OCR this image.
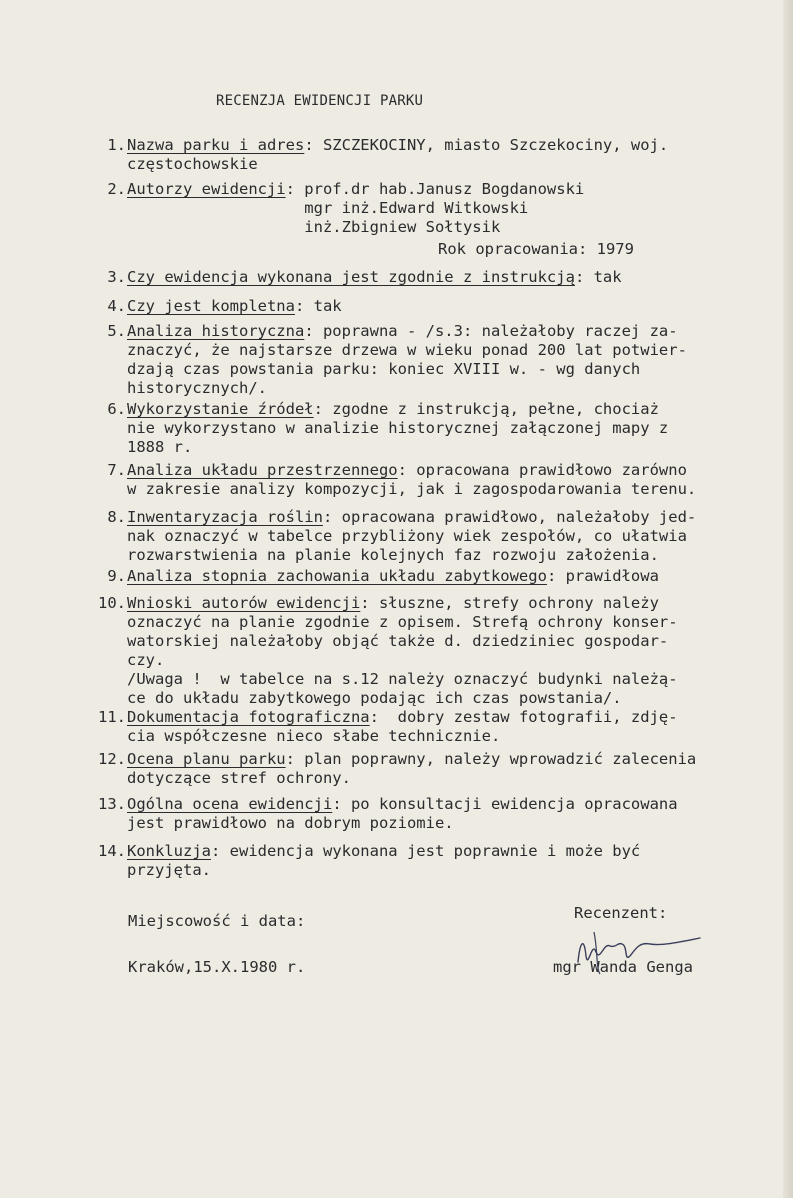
RECENZJA EWIDENCJI PARKU
1. Nazwa parku i adres: SZCZEKOCINY, miasto Szczekociny, woj.
częstochowskie
2. Autorzy ewidencji: prof.dr hab.Janusz Bogdanowski
mgr inż.Edward Witkowski
inż.Zbigniew Sołtysik
Rok opracowania: 1979
3. Czy ewidencja wykonana jest zgodnie z instrukcją: tak
4. Czy jest kompletna: tak
5. Analiza historyczna: poprawna - /s.3: należałoby raczej za-
znaczyć, że najstarsze drzewa w wieku ponad 200 lat potwier-
dzają czas powstania parku: koniec XVIII w. - wg danych
historycznych/.
6. Wykorzystanie źródeł: zgodne z instrukcją, pełne, chociaż
nie wykorzystano w analizie historycznej załączonej mapy z
1888 r.
7. Analiza układu przestrzennego: opracowana prawidłowo zarówno
w zakresie analizy kompozycji, jak i zagospodarowania terenu.
8. Inwentaryzacja roślin: opracowana prawidłowo, należałoby jed-
nak oznaczyć w tabelce przybliżony wiek zespołów, co ułatwia
rozwarstwienia na planie kolejnych faz rozwoju założenia.
9. Analiza stopnia zachowania układu zabytkowego: prawidłowa
10. Wnioski autorów ewidencji: słuszne, strefy ochrony należy
oznaczyć na planie zgodnie z opisem. Strefą ochrony konser-
watorskiej należałoby objąć także d. dziedziniec gospodar-
czy.
/Uwaga !  w tabelce na s.12 należy oznaczyć budynki należą-
ce do układu zabytkowego podając ich czas powstania/.
11. Dokumentacja fotograficzna:  dobry zestaw fotografii, zdję-
cia współczesne nieco słabe technicznie.
12. Ocena planu parku: plan poprawny, należy wprowadzić zalecenia
dotyczące stref ochrony.
13. Ogólna ocena ewidencji: po konsultacji ewidencja opracowana
jest prawidłowo na dobrym poziomie.
14. Konkluzja: ewidencja wykonana jest poprawnie i może być
przyjęta.
Miejscowość i data:
Kraków,15.X.1980 r.
Recenzent:
mgr Wanda Genga
